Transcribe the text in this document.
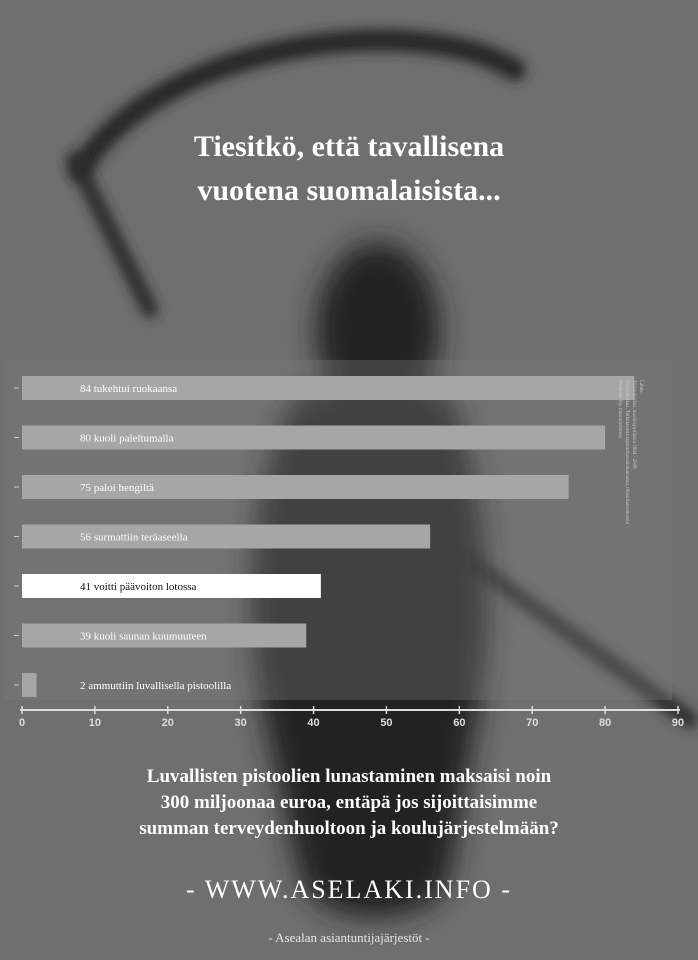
Tiesitkö, että tavallisena
vuotena suomalaisista...
84 tukehtui ruokaansa
80 kuoli paleltumalla
75 paloi hengiltä
56 surmattiin teräaseella
41 voitti päävoiton lotossa
39 kuoli saunan kuumuuteen
2 ammuttiin luvallisella pistoolilla
0	10	20	30	40	50	60	70	80	90
Lähde:
Tilastokeskus, kuolinsyytilastot 1994 - 2008
Tilastokeskus, Tutkittavasta tapaturmavaliokunnasta, rikostilastoinnosta
Veikkaus Oy, tilastotiedotteet
Luvallisten pistoolien lunastaminen maksaisi noin
300 miljoonaa euroa, entäpä jos sijoittaisimme
summan terveydenhuoltoon ja koulujärjestelmään?
- WWW.ASELAKI.INFO -
- Asealan asiantuntijajärjestöt -
